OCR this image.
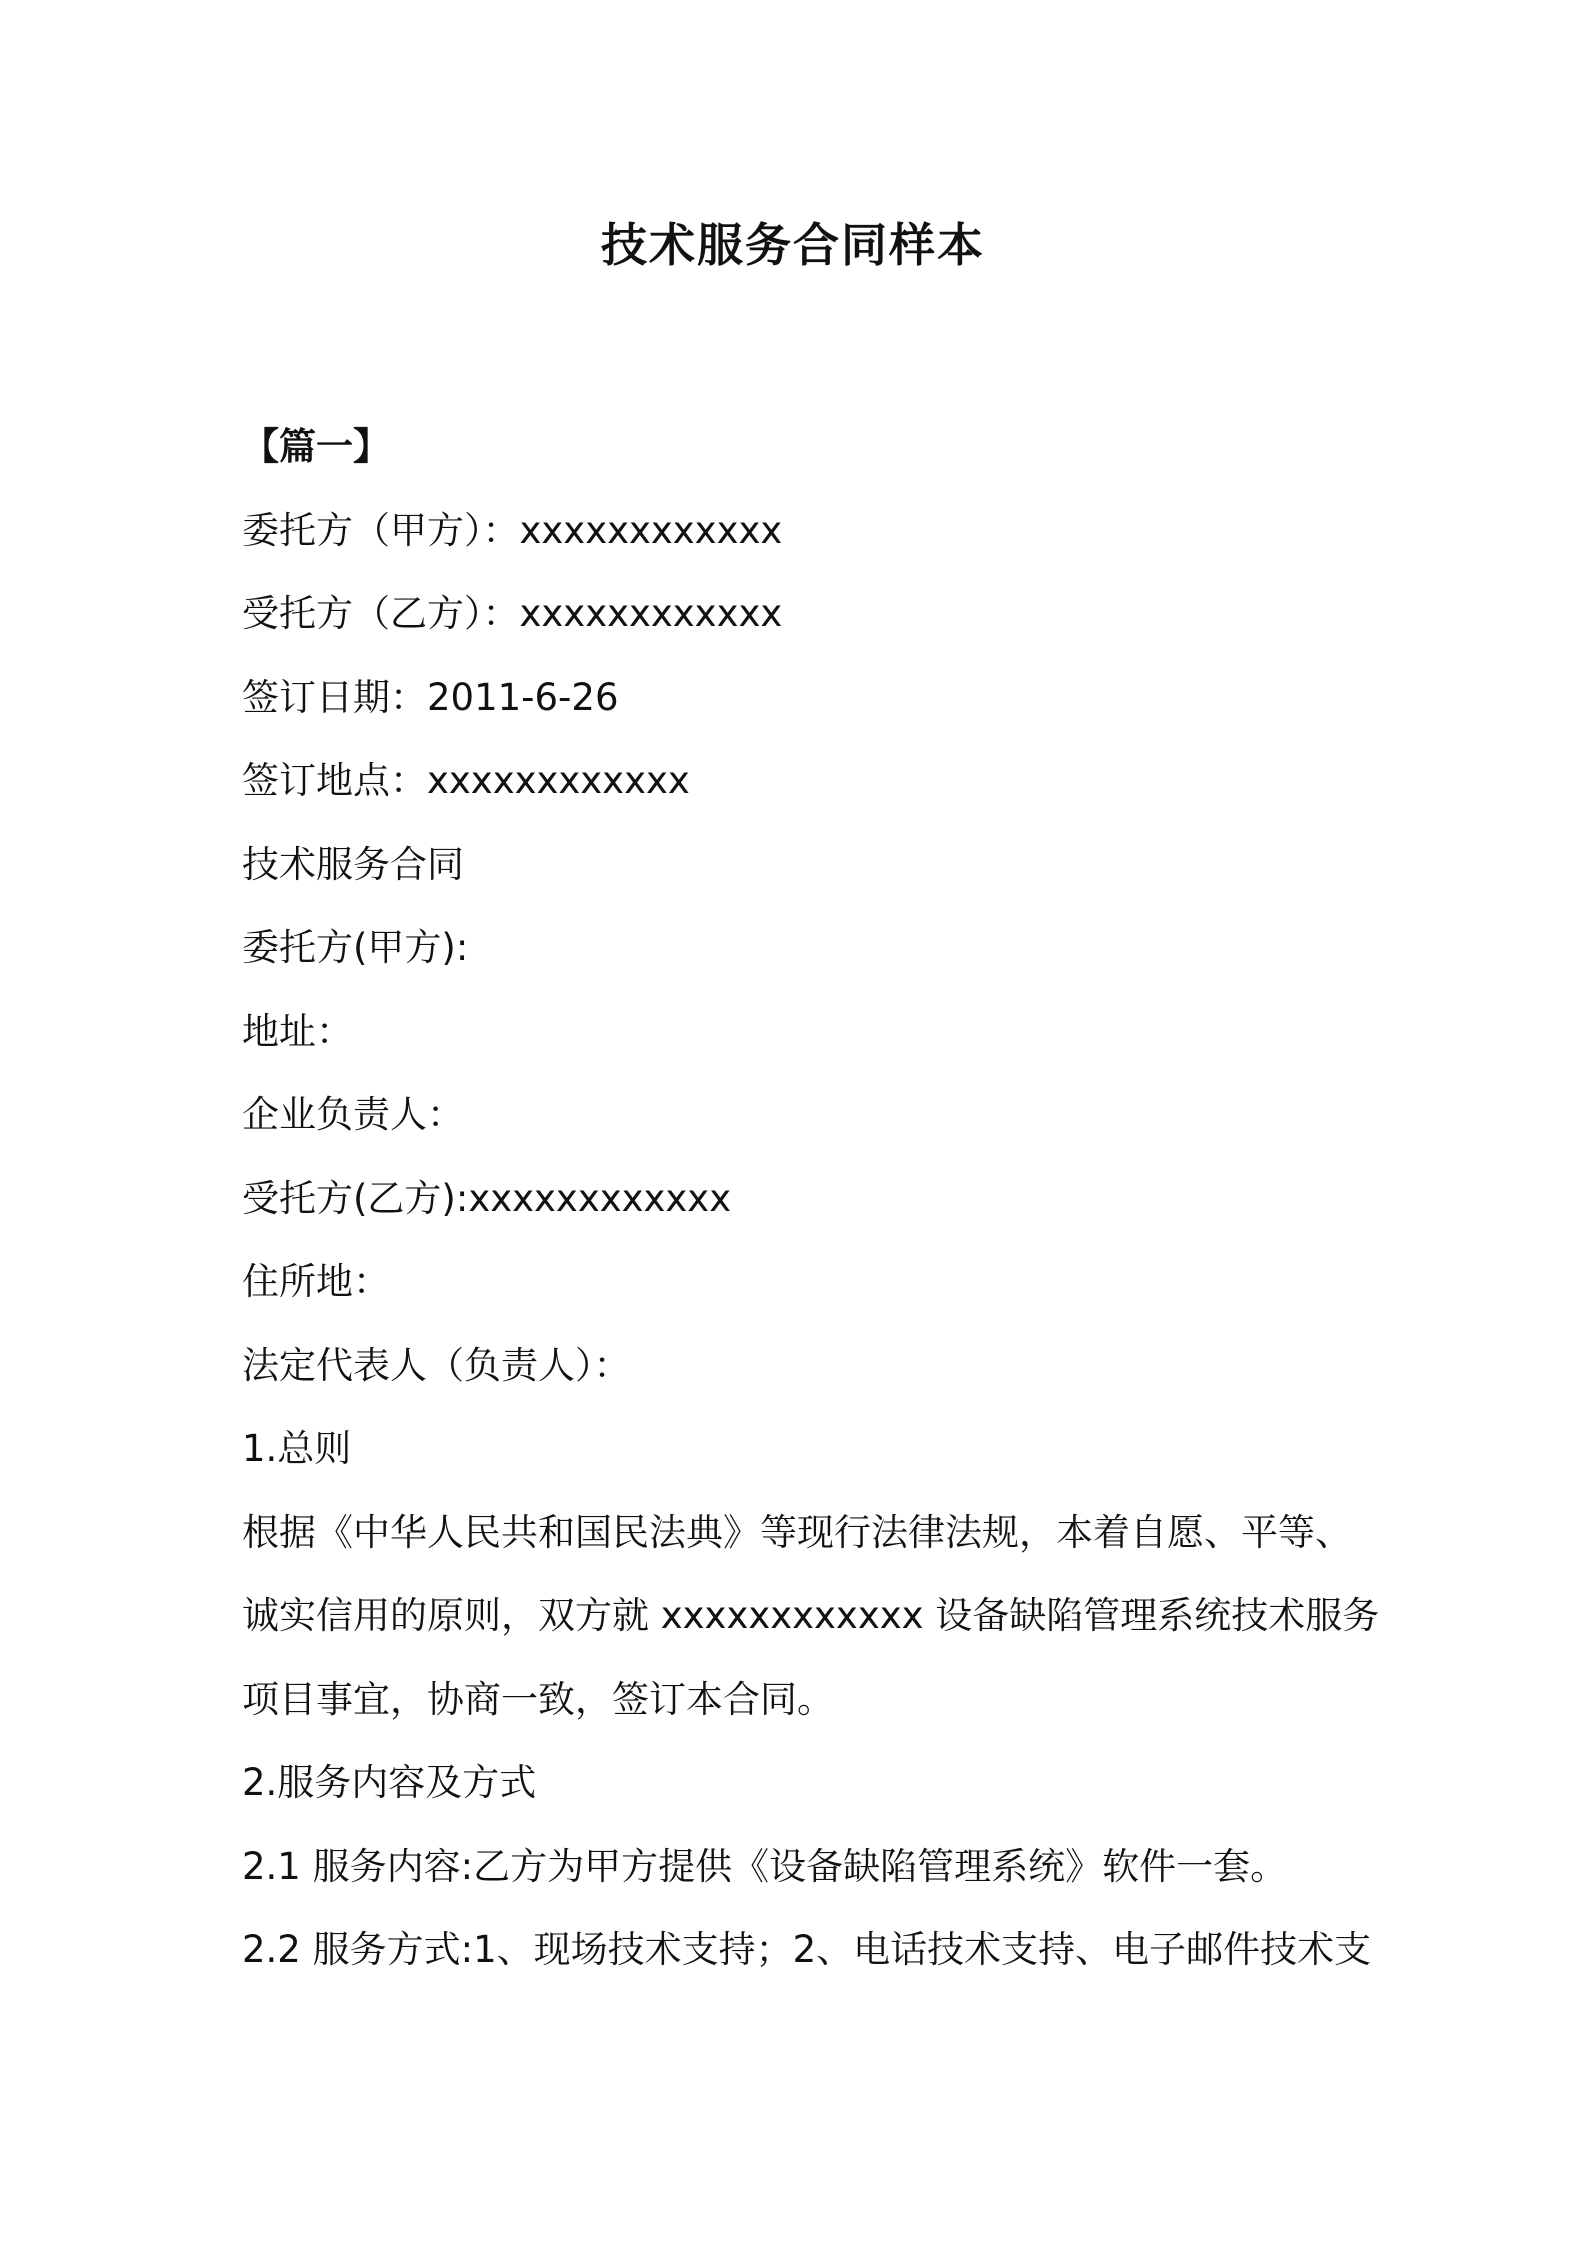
技术服务合同样本

【篇一】

委托方（甲方）：xxxxxxxxxxxx

受托方（乙方）：xxxxxxxxxxxx

签订日期：2011-6-26

签订地点：xxxxxxxxxxxx

技术服务合同

委托方(甲方):

地址：

企业负责人：

受托方(乙方):xxxxxxxxxxxx

住所地：

法定代表人（负责人）：

1.总则

根据《中华人民共和国民法典》等现行法律法规，本着自愿、平等、

诚实信用的原则，双方就 xxxxxxxxxxxx 设备缺陷管理系统技术服务

项目事宜，协商一致，签订本合同。

2.服务内容及方式

2.1 服务内容:乙方为甲方提供《设备缺陷管理系统》软件一套。

2.2 服务方式:1、现场技术支持；2、电话技术支持、电子邮件技术支
